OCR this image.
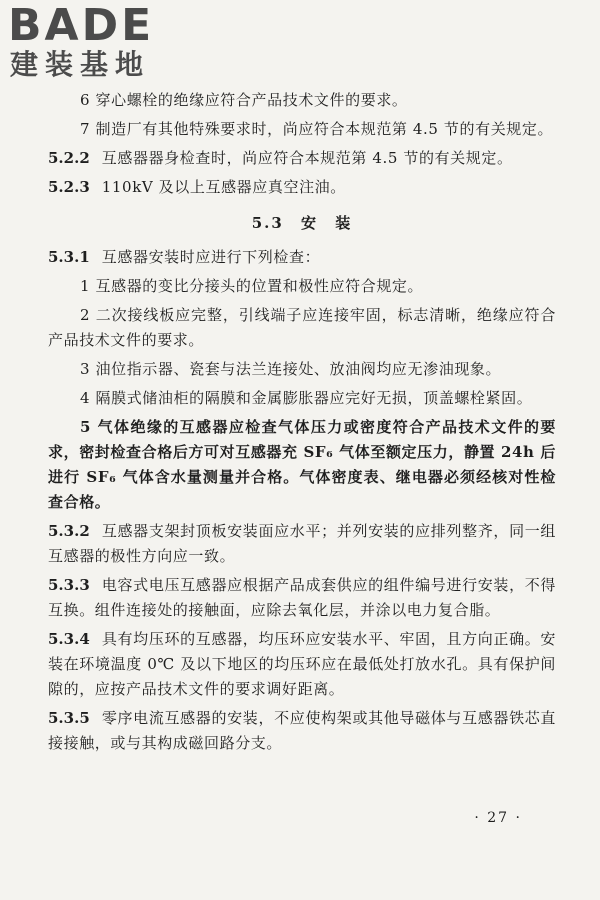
BADE
建装基地

6 穿心螺栓的绝缘应符合产品技术文件的要求。

7 制造厂有其他特殊要求时，尚应符合本规范第 4.5 节的有关规定。

5.2.2 互感器器身检查时，尚应符合本规范第 4.5 节的有关规定。

5.2.3 110kV 及以上互感器应真空注油。

5.3 安 装

5.3.1 互感器安装时应进行下列检查：

1 互感器的变比分接头的位置和极性应符合规定。

2 二次接线板应完整，引线端子应连接牢固，标志清晰，绝缘应符合产品技术文件的要求。

3 油位指示器、瓷套与法兰连接处、放油阀均应无渗油现象。

4 隔膜式储油柜的隔膜和金属膨胀器应完好无损，顶盖螺栓紧固。

5 气体绝缘的互感器应检查气体压力或密度符合产品技术文件的要求，密封检查合格后方可对互感器充 SF₆ 气体至额定压力，静置 24h 后进行 SF₆ 气体含水量测量并合格。气体密度表、继电器必须经核对性检查合格。

5.3.2 互感器支架封顶板安装面应水平；并列安装的应排列整齐，同一组互感器的极性方向应一致。

5.3.3 电容式电压互感器应根据产品成套供应的组件编号进行安装，不得互换。组件连接处的接触面，应除去氧化层，并涂以电力复合脂。

5.3.4 具有均压环的互感器，均压环应安装水平、牢固，且方向正确。安装在环境温度 0℃ 及以下地区的均压环应在最低处打放水孔。具有保护间隙的，应按产品技术文件的要求调好距离。

5.3.5 零序电流互感器的安装，不应使构架或其他导磁体与互感器铁芯直接接触，或与其构成磁回路分支。

· 27 ·
